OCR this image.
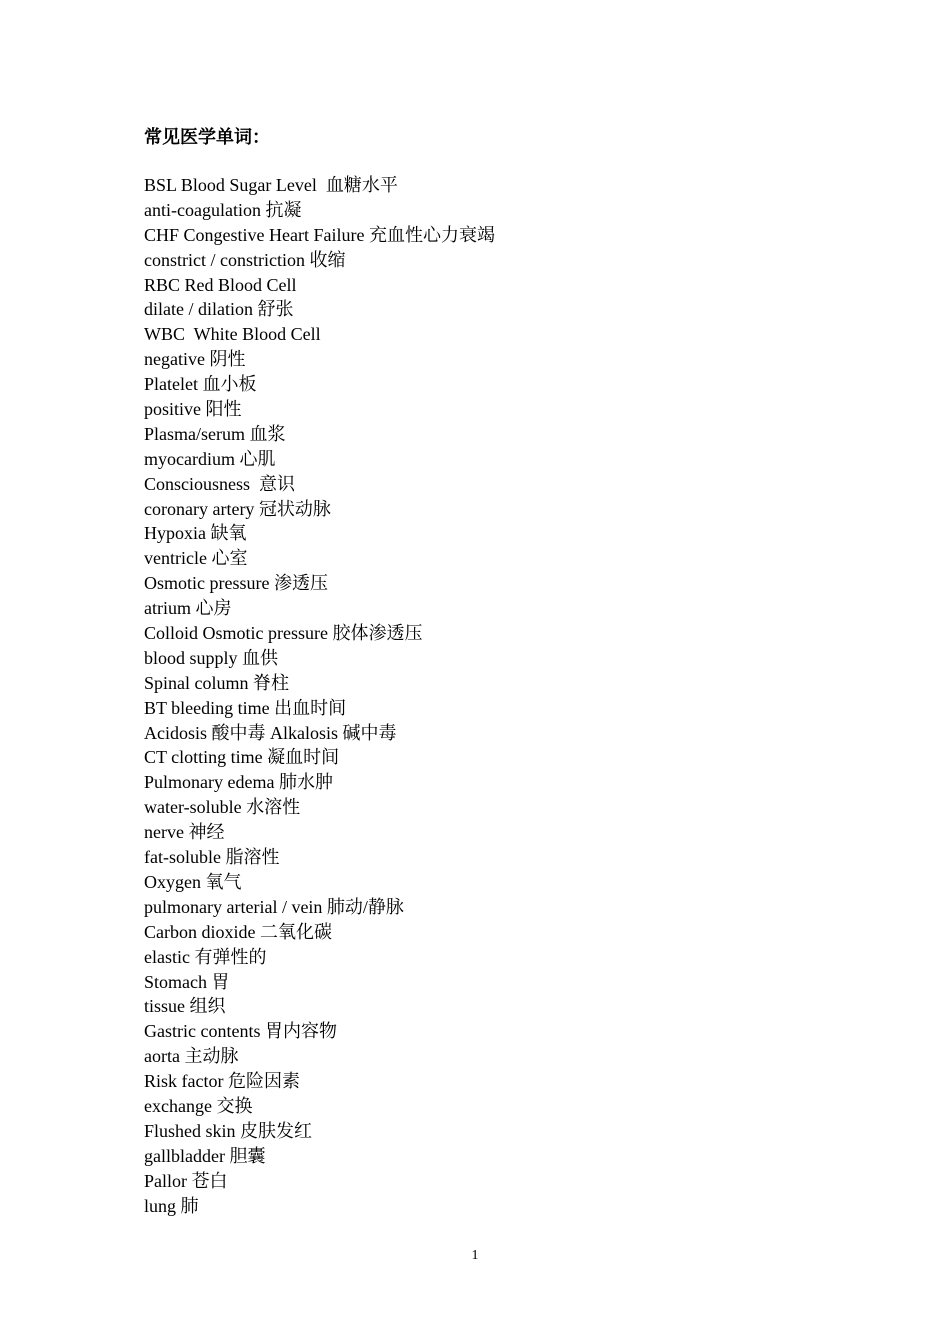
常见医学单词：
BSL Blood Sugar Level  血糖水平
anti-coagulation 抗凝
CHF Congestive Heart Failure 充血性心力衰竭
constrict / constriction 收缩
RBC Red Blood Cell
dilate / dilation 舒张
WBC  White Blood Cell
negative 阴性
Platelet 血小板
positive 阳性
Plasma/serum 血浆
myocardium 心肌
Consciousness  意识
coronary artery 冠状动脉
Hypoxia 缺氧
ventricle 心室
Osmotic pressure 渗透压
atrium 心房
Colloid Osmotic pressure 胶体渗透压
blood supply 血供
Spinal column 脊柱
BT bleeding time 出血时间
Acidosis 酸中毒 Alkalosis 碱中毒
CT clotting time 凝血时间
Pulmonary edema 肺水肿
water-soluble 水溶性
nerve 神经
fat-soluble 脂溶性
Oxygen 氧气
pulmonary arterial / vein 肺动/静脉
Carbon dioxide 二氧化碳
elastic 有弹性的
Stomach 胃
tissue 组织
Gastric contents 胃内容物
aorta 主动脉
Risk factor 危险因素
exchange 交换
Flushed skin 皮肤发红
gallbladder 胆囊
Pallor 苍白
lung 肺
1
